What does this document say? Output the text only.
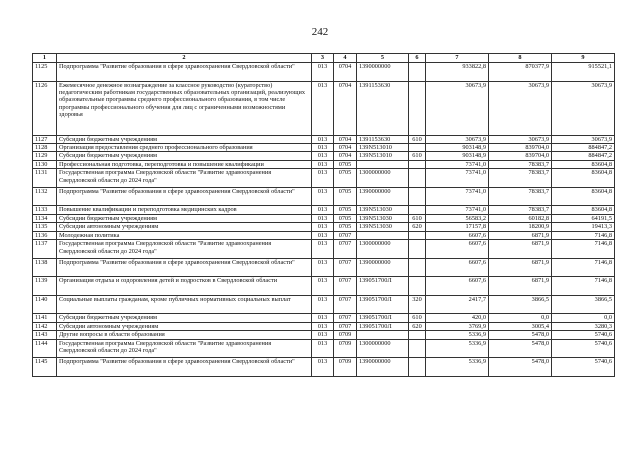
242
1	2	3	4	5	6	7	8	9
1125	Подпрограмма "Развитие образования в сфере здравоохранения Свердловской области"	013	0704	1390000000		933822,8	870377,9	915521,1
1126	Ежемесячное денежное вознаграждение за классное руководство (кураторство) педагогическим работникам государственных образовательных организаций, реализующих образовательные программы среднего профессионального образования, в том числе программы профессионального обучения для лиц с ограниченными возможностями здоровья	013	0704	1391153630		30673,9	30673,9	30673,9
1127	Субсидии бюджетным учреждениям	013	0704	1391153630	610	30673,9	30673,9	30673,9
1128	Организация предоставления среднего профессионального образования	013	0704	139N513010		903148,9	839704,0	884847,2
1129	Субсидии бюджетным учреждениям	013	0704	139N513010	610	903148,9	839704,0	884847,2
1130	Профессиональная подготовка, переподготовка и повышение квалификации	013	0705			73741,0	78383,7	83604,8
1131	Государственная программа Свердловской области "Развитие здравоохранения Свердловской области до 2024 года"	013	0705	1300000000		73741,0	78383,7	83604,8
1132	Подпрограмма "Развитие образования в сфере здравоохранения Свердловской области"	013	0705	1390000000		73741,0	78383,7	83604,8
1133	Повышение квалификации и переподготовка медицинских кадров	013	0705	139N513030		73741,0	78383,7	83604,8
1134	Субсидии бюджетным учреждениям	013	0705	139N513030	610	56583,2	60182,8	64191,5
1135	Субсидии автономным учреждениям	013	0705	139N513030	620	17157,8	18200,9	19413,3
1136	Молодежная политика	013	0707			6607,6	6871,9	7146,8
1137	Государственная программа Свердловской области "Развитие здравоохранения Свердловской области до 2024 года"	013	0707	1300000000		6607,6	6871,9	7146,8
1138	Подпрограмма "Развитие образования в сфере здравоохранения Свердловской области"	013	0707	1390000000		6607,6	6871,9	7146,8
1139	Организация отдыха и оздоровления детей и подростков в Свердловской области	013	0707	139051700Л		6607,6	6871,9	7146,8
1140	Социальные выплаты гражданам, кроме публичных нормативных социальных выплат	013	0707	139051700Л	320	2417,7	3866,5	3866,5
1141	Субсидии бюджетным учреждениям	013	0707	139051700Л	610	420,0	0,0	0,0
1142	Субсидии автономным учреждениям	013	0707	139051700Л	620	3769,9	3005,4	3280,3
1143	Другие вопросы в области образования	013	0709			5336,9	5478,0	5740,6
1144	Государственная программа Свердловской области "Развитие здравоохранения Свердловской области до 2024 года"	013	0709	1300000000		5336,9	5478,0	5740,6
1145	Подпрограмма "Развитие образования в сфере здравоохранения Свердловской области"	013	0709	1390000000		5336,9	5478,0	5740,6
